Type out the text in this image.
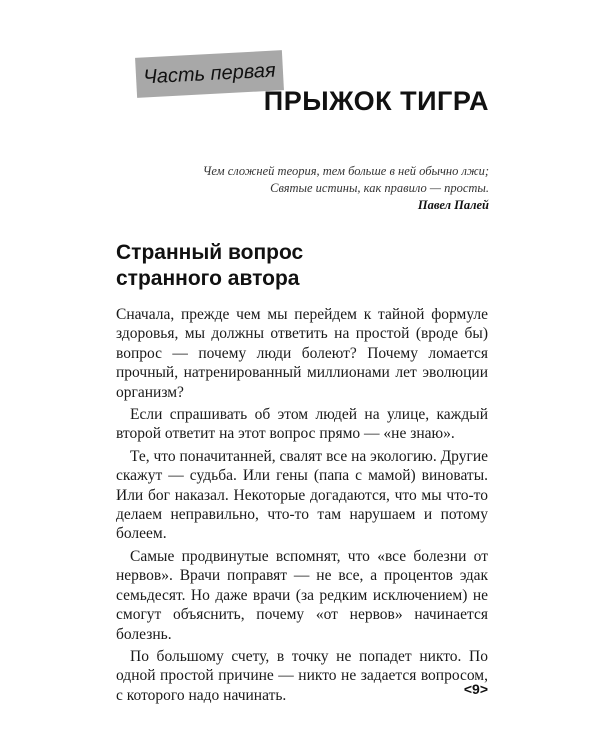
Часть первая
ПРЫЖОК ТИГРА
Чем сложней теория, тем больше в ней обычно лжи;
Святые истины, как правило — просты.
Павел Палей
Странный вопрос
странного автора

Сначала, прежде чем мы перейдем к тайной формуле здоровья, мы должны ответить на простой (вроде бы) вопрос — почему люди болеют? Почему ломается прочный, натренированный миллионами лет эволюции организм?

Если спрашивать об этом людей на улице, каждый второй ответит на этот вопрос прямо — «не знаю».

Те, что поначитанней, свалят все на экологию. Другие скажут — судьба. Или гены (папа с мамой) виноваты. Или бог наказал. Некоторые догадаются, что мы что-то делаем неправильно, что-то там нарушаем и потому болеем.

Самые продвинутые вспомнят, что «все болезни от нервов». Врачи поправят — не все, а процентов эдак семьдесят. Но даже врачи (за редким исключением) не смогут объяснить, почему «от нервов» начинается болезнь.

По большому счету, в точку не попадет никто. По одной простой причине — никто не задается вопросом, с которого надо начинать.	<9>
